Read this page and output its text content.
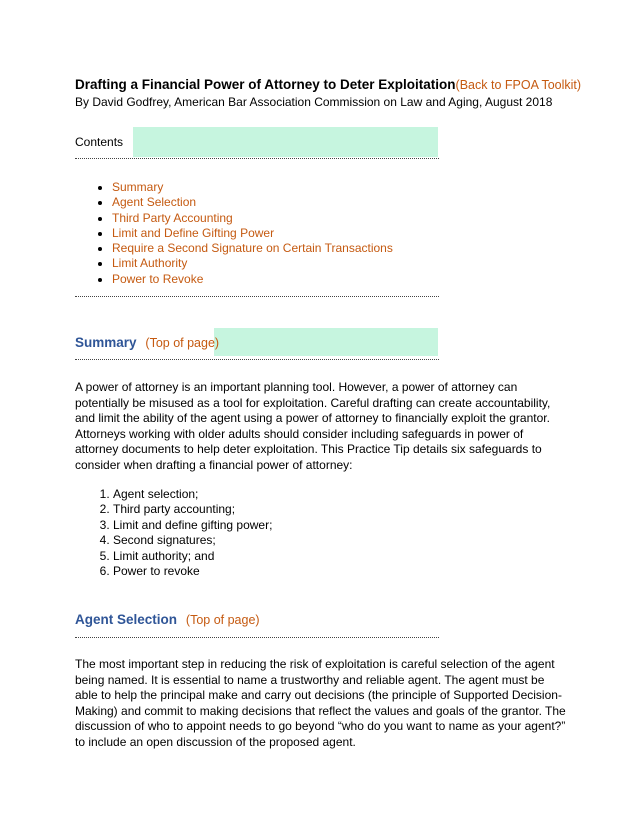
Drafting a Financial Power of Attorney to Deter Exploitation(Back to FPOA Toolkit)
By David Godfrey, American Bar Association Commission on Law and Aging, August 2018
Contents
• Summary
• Agent Selection
• Third Party Accounting
• Limit and Define Gifting Power
• Require a Second Signature on Certain Transactions
• Limit Authority
• Power to Revoke
Summary (Top of page)
A power of attorney is an important planning tool. However, a power of attorney can potentially be misused as a tool for exploitation. Careful drafting can create accountability, and limit the ability of the agent using a power of attorney to financially exploit the grantor. Attorneys working with older adults should consider including safeguards in power of attorney documents to help deter exploitation. This Practice Tip details six safeguards to consider when drafting a financial power of attorney:
1. Agent selection;
2. Third party accounting;
3. Limit and define gifting power;
4. Second signatures;
5. Limit authority; and
6. Power to revoke
Agent Selection (Top of page)
The most important step in reducing the risk of exploitation is careful selection of the agent being named. It is essential to name a trustworthy and reliable agent. The agent must be able to help the principal make and carry out decisions (the principle of Supported Decision-Making) and commit to making decisions that reflect the values and goals of the grantor. The discussion of who to appoint needs to go beyond “who do you want to name as your agent?” to include an open discussion of the proposed agent.
